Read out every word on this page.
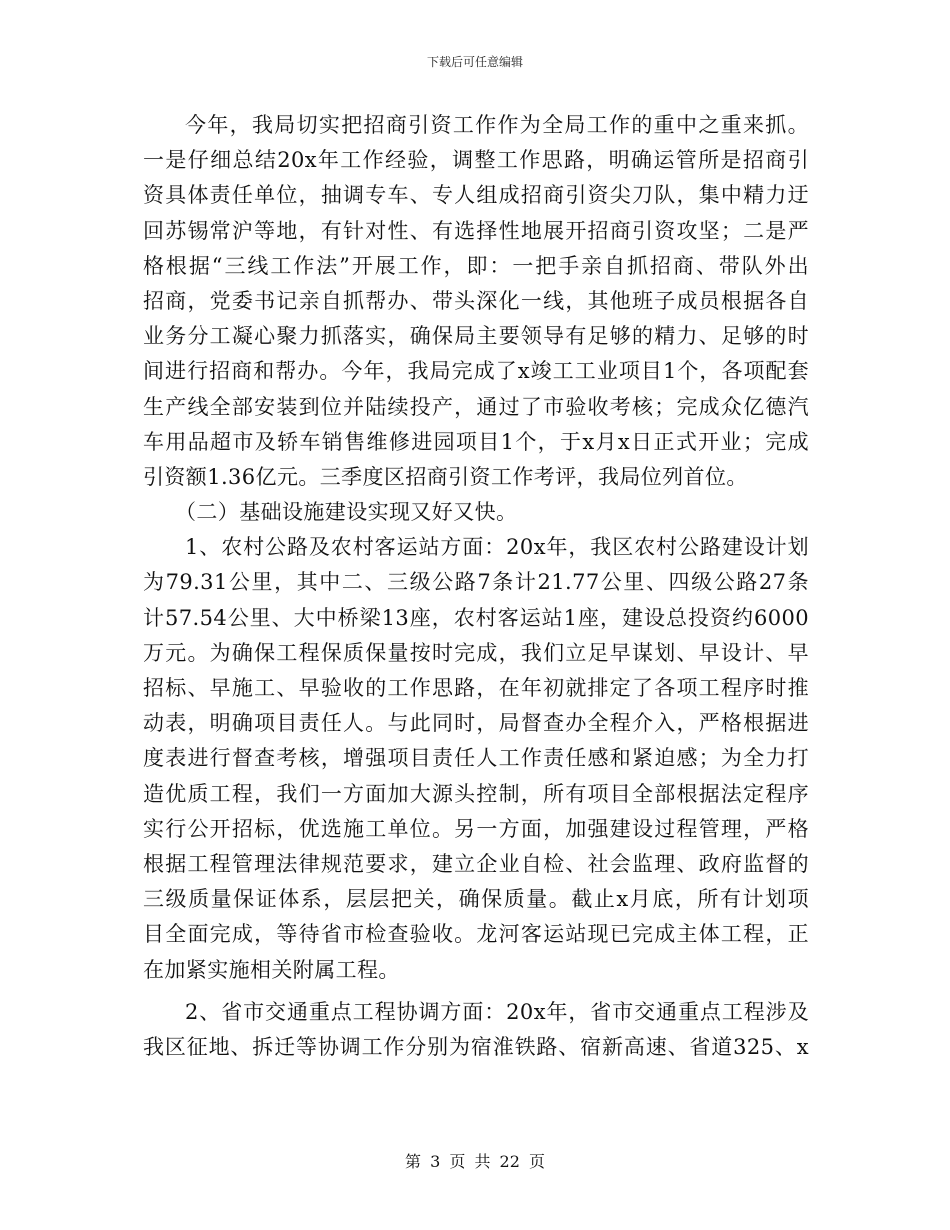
下载后可任意编辑
今年，我局切实把招商引资工作作为全局工作的重中之重来抓。
一是仔细总结20x年工作经验，调整工作思路，明确运管所是招商引
资具体责任单位，抽调专车、专人组成招商引资尖刀队，集中精力迂
回苏锡常沪等地，有针对性、有选择性地展开招商引资攻坚；二是严
格根据“三线工作法”开展工作，即：一把手亲自抓招商、带队外出
招商，党委书记亲自抓帮办、带头深化一线，其他班子成员根据各自
业务分工凝心聚力抓落实，确保局主要领导有足够的精力、足够的时
间进行招商和帮办。今年，我局完成了x竣工工业项目1个，各项配套
生产线全部安装到位并陆续投产，通过了市验收考核；完成众亿德汽
车用品超市及轿车销售维修进园项目1个，于x月x日正式开业；完成
引资额1.36亿元。三季度区招商引资工作考评，我局位列首位。
（二）基础设施建设实现又好又快。
1、农村公路及农村客运站方面：20x年，我区农村公路建设计划
为79.31公里，其中二、三级公路7条计21.77公里、四级公路27条
计57.54公里、大中桥梁13座，农村客运站1座，建设总投资约6000
万元。为确保工程保质保量按时完成，我们立足早谋划、早设计、早
招标、早施工、早验收的工作思路，在年初就排定了各项工程序时推
动表，明确项目责任人。与此同时，局督查办全程介入，严格根据进
度表进行督查考核，增强项目责任人工作责任感和紧迫感；为全力打
造优质工程，我们一方面加大源头控制，所有项目全部根据法定程序
实行公开招标，优选施工单位。另一方面，加强建设过程管理，严格
根据工程管理法律规范要求，建立企业自检、社会监理、政府监督的
三级质量保证体系，层层把关，确保质量。截止x月底，所有计划项
目全面完成，等待省市检查验收。龙河客运站现已完成主体工程，正
在加紧实施相关附属工程。
2、省市交通重点工程协调方面：20x年，省市交通重点工程涉及
我区征地、拆迁等协调工作分别为宿淮铁路、宿新高速、省道325、x
第 3 页 共 22 页
